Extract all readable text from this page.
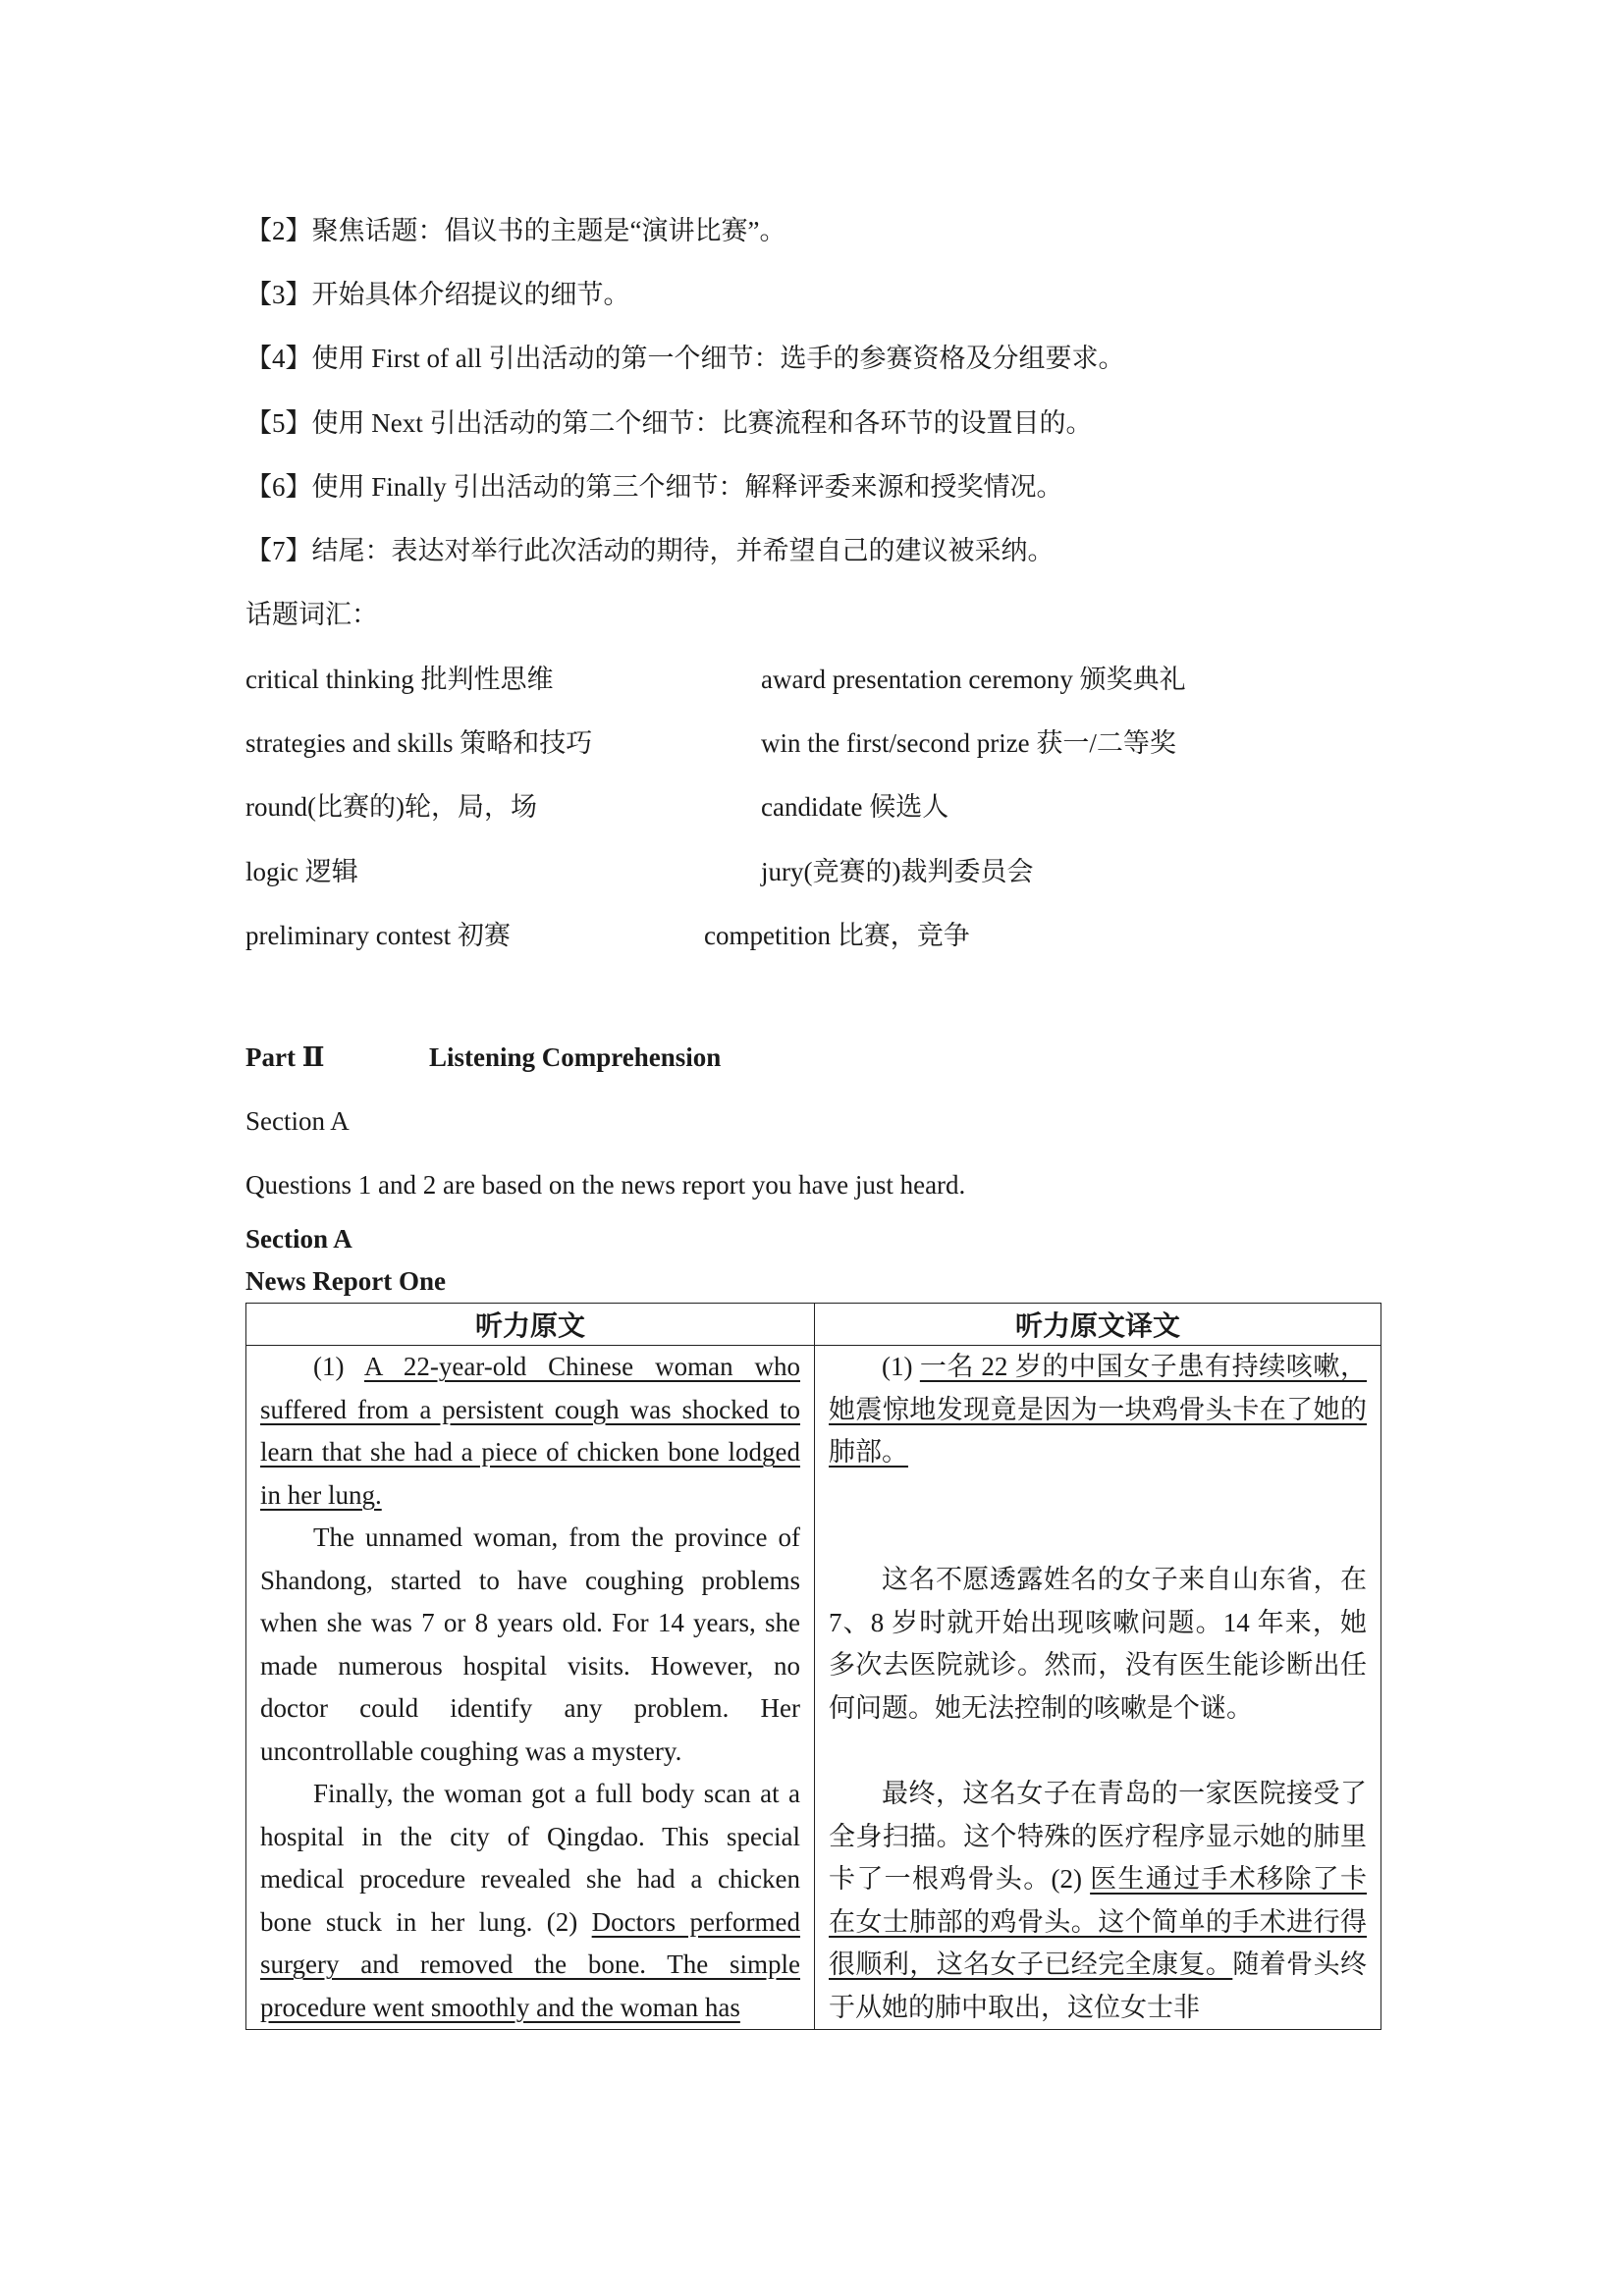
【2】聚焦话题：倡议书的主题是“演讲比赛”。
【3】开始具体介绍提议的细节。
【4】使用 First of all 引出活动的第一个细节：选手的参赛资格及分组要求。
【5】使用 Next 引出活动的第二个细节：比赛流程和各环节的设置目的。
【6】使用 Finally 引出活动的第三个细节：解释评委来源和授奖情况。
【7】结尾：表达对举行此次活动的期待，并希望自己的建议被采纳。
话题词汇：
critical thinking 批判性思维	award presentation ceremony 颁奖典礼
strategies and skills 策略和技巧	win the first/second prize 获一/二等奖
round(比赛的)轮，局，场	candidate 候选人
logic 逻辑	jury(竞赛的)裁判委员会
preliminary contest 初赛	competition 比赛，竞争
Part Ⅱ	Listening Comprehension
Section A
Questions 1 and 2 are based on the news report you have just heard.
Section A
News Report One
听力原文	听力原文译文
(1) A 22-year-old Chinese woman who suffered from a persistent cough was shocked to learn that she had a piece of chicken bone lodged in her lung.	(1) 一名 22 岁的中国女子患有持续咳嗽，她震惊地发现竟是因为一块鸡骨头卡在了她的肺部。
The unnamed woman, from the province of Shandong, started to have coughing problems when she was 7 or 8 years old. For 14 years, she made numerous hospital visits. However, no doctor could identify any problem. Her uncontrollable coughing was a mystery.	这名不愿透露姓名的女子来自山东省，在 7、8 岁时就开始出现咳嗽问题。14 年来，她多次去医院就诊。然而，没有医生能诊断出任何问题。她无法控制的咳嗽是个谜。
Finally, the woman got a full body scan at a hospital in the city of Qingdao. This special medical procedure revealed she had a chicken bone stuck in her lung. (2) Doctors performed surgery and removed the bone. The simple procedure went smoothly and the woman has	最终，这名女子在青岛的一家医院接受了全身扫描。这个特殊的医疗程序显示她的肺里卡了一根鸡骨头。(2) 医生通过手术移除了卡在女士肺部的鸡骨头。这个简单的手术进行得很顺利，这名女子已经完全康复。随着骨头终于从她的肺中取出，这位女士非
